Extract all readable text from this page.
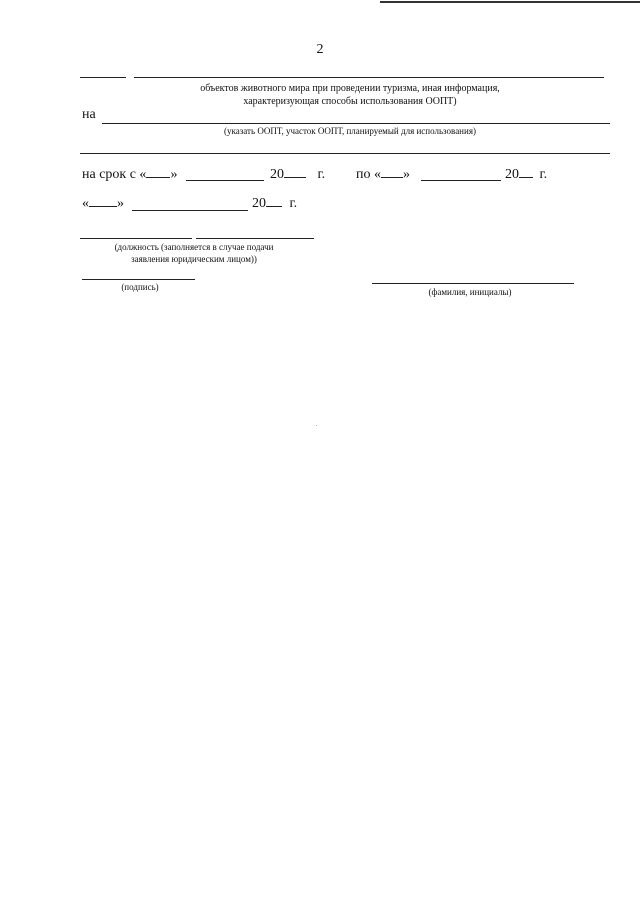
2
объектов животного мира при проведении туризма, иная информация,
характеризующая способы использования ООПТ)
на
(указать ООПТ, участок ООПТ, планируемый для использования)
на срок с « »	20 г. по « »	20 г.
« »	20 г.
(должность (заполняется в случае подачи
заявления юридическим лицом))
(подпись)	(фамилия, инициалы)
